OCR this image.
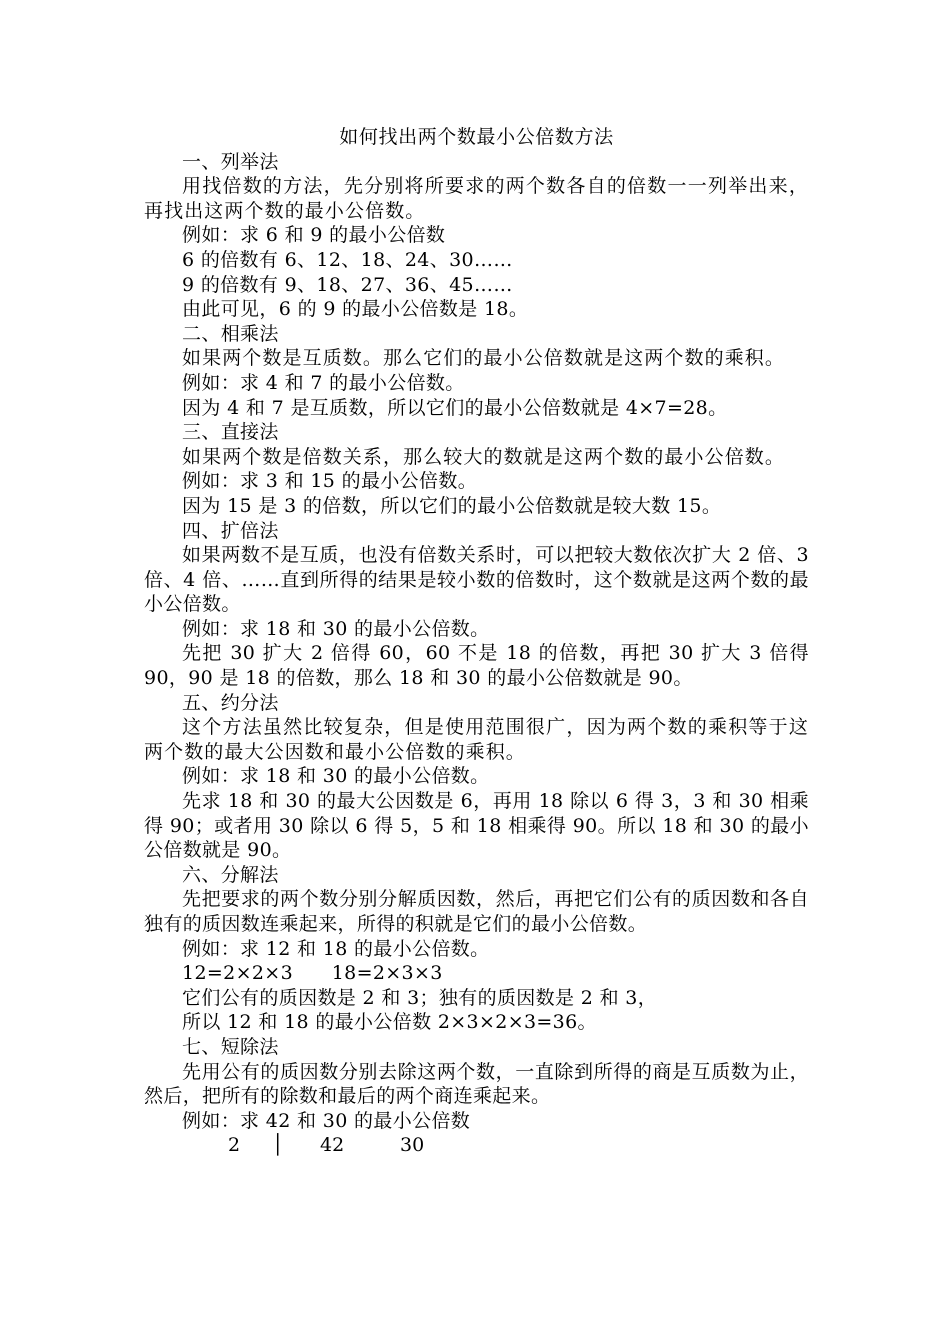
如何找出两个数最小公倍数方法

一、列举法

用找倍数的方法，先分别将所要求的两个数各自的倍数一一列举出来，再找出这两个数的最小公倍数。

例如：求 6 和 9 的最小公倍数

6 的倍数有 6、12、18、24、30……

9 的倍数有 9、18、27、36、45……

由此可见，6 的 9 的最小公倍数是 18。

二、相乘法

如果两个数是互质数。那么它们的最小公倍数就是这两个数的乘积。

例如：求 4 和 7 的最小公倍数。

因为 4 和 7 是互质数，所以它们的最小公倍数就是 4×7=28。

三、直接法

如果两个数是倍数关系，那么较大的数就是这两个数的最小公倍数。

例如：求 3 和 15 的最小公倍数。

因为 15 是 3 的倍数，所以它们的最小公倍数就是较大数 15。

四、扩倍法

如果两数不是互质，也没有倍数关系时，可以把较大数依次扩大 2 倍、3 倍、4 倍、……直到所得的结果是较小数的倍数时，这个数就是这两个数的最小公倍数。

例如：求 18 和 30 的最小公倍数。

先把 30 扩大 2 倍得 60，60 不是 18 的倍数，再把 30 扩大 3 倍得 90，90 是 18 的倍数，那么 18 和 30 的最小公倍数就是 90。

五、约分法

这个方法虽然比较复杂，但是使用范围很广，因为两个数的乘积等于这两个数的最大公因数和最小公倍数的乘积。

例如：求 18 和 30 的最小公倍数。

先求 18 和 30 的最大公因数是 6，再用 18 除以 6 得 3，3 和 30 相乘得 90；或者用 30 除以 6 得 5，5 和 18 相乘得 90。所以 18 和 30 的最小公倍数就是 90。

六、分解法

先把要求的两个数分别分解质因数，然后，再把它们公有的质因数和各自独有的质因数连乘起来，所得的积就是它们的最小公倍数。

例如：求 12 和 18 的最小公倍数。

12=2×2×3　　18=2×3×3

它们公有的质因数是 2 和 3；独有的质因数是 2 和 3，

所以 12 和 18 的最小公倍数 2×3×2×3=36。

七、短除法

先用公有的质因数分别去除这两个数，一直除到所得的商是互质数为止，然后，把所有的除数和最后的两个商连乘起来。

例如：求 42 和 30 的最小公倍数

2 │ 42	30
